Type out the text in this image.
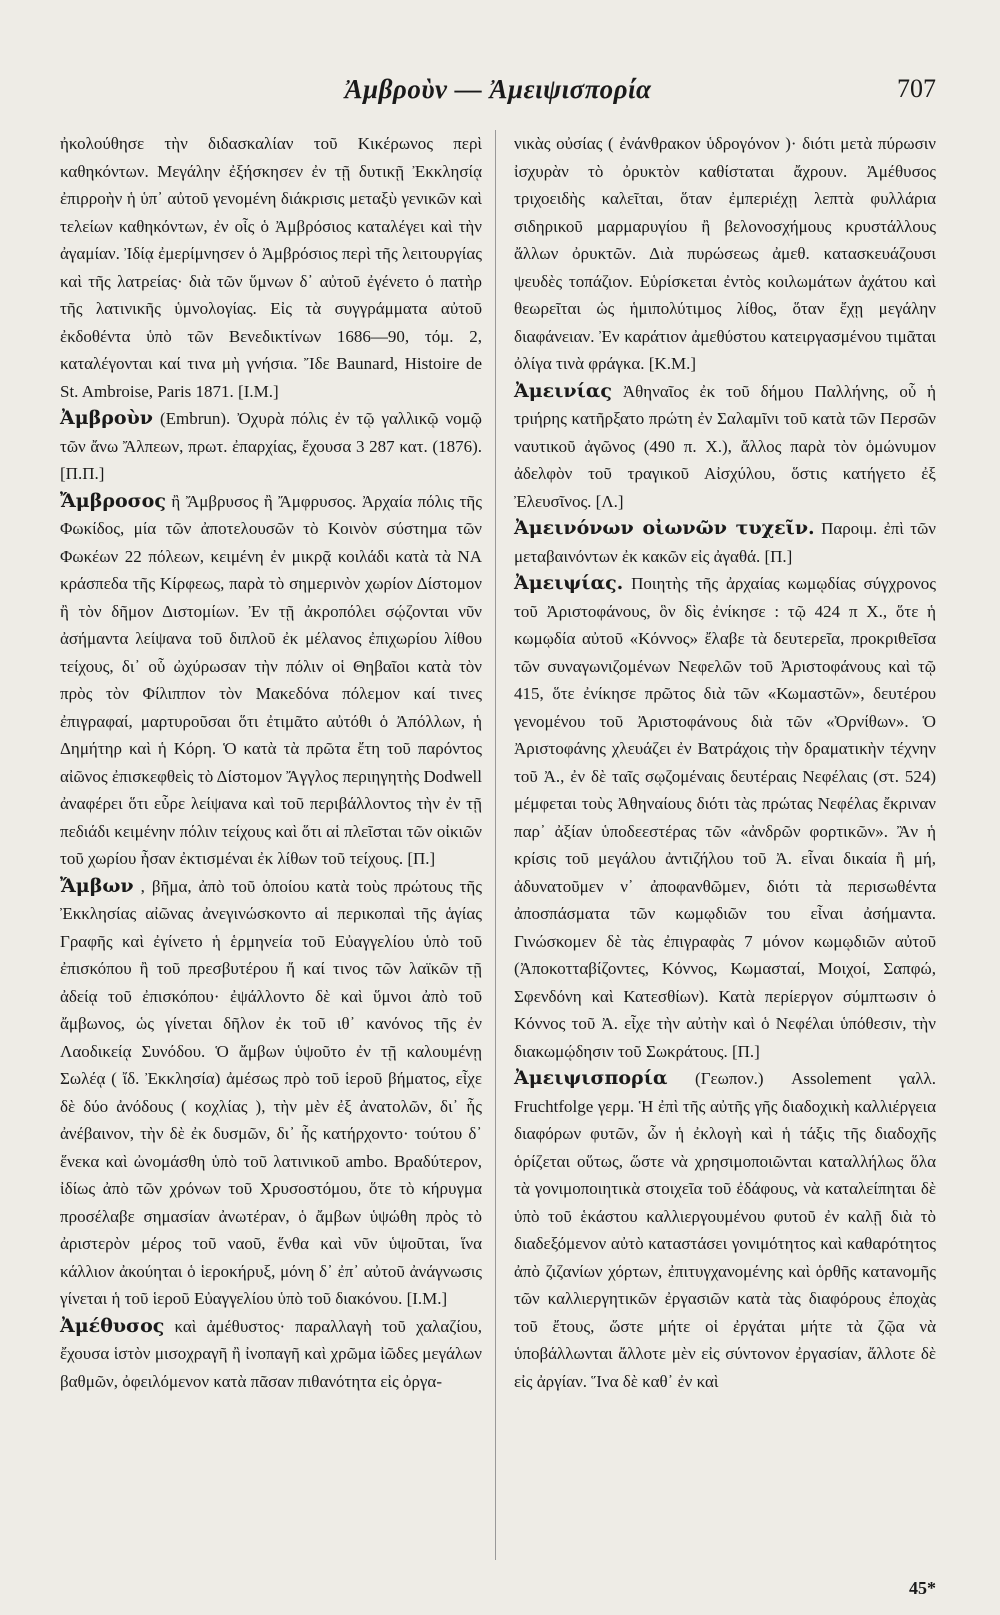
Ἀμβροὺν — Ἀμειψισπορία	707

ἠκολούθησε τὴν διδασκαλίαν τοῦ Κικέρωνος περὶ καθηκόντων. Μεγάλην ἐξήσκησεν ἐν τῇ δυτικῇ Ἐκκλησίᾳ ἐπιρροὴν ἡ ὑπ᾽ αὐτοῦ γενομένη διάκρισις μεταξὺ γενικῶν καὶ τελείων καθηκόντων, ἐν οἷς ὁ Ἀμβρόσιος καταλέγει καὶ τὴν ἀγαμίαν. Ἰδίᾳ ἐμερίμνησεν ὁ Ἀμβρόσιος περὶ τῆς λειτουργίας καὶ τῆς λατρείας· διὰ τῶν ὕμνων δ᾽ αὐτοῦ ἐγένετο ὁ πατὴρ τῆς λατινικῆς ὑμνολογίας. Εἰς τὰ συγγράμματα αὐτοῦ ἐκδοθέντα ὑπὸ τῶν Βενεδικτίνων 1686—90, τόμ. 2, καταλέγονται καί τινα μὴ γνήσια. Ἴδε Baunard, Histoire de St. Ambroise, Paris 1871. [I.M.]

Ἀμβροὺν (Embrun). Ὀχυρὰ πόλις ἐν τῷ γαλλικῷ νομῷ τῶν ἄνω Ἄλπεων, πρωτ. ἐπαρχίας, ἔχουσα 3 287 κατ. (1876). [Π.Π.]

Ἄμβροσος ἢ Ἄμβρυσος ἢ Ἄμφρυσος. Ἀρχαία πόλις τῆς Φωκίδος, μία τῶν ἀποτελουσῶν τὸ Κοινὸν σύστημα τῶν Φωκέων 22 πόλεων, κειμένη ἐν μικρᾷ κοιλάδι κατὰ τὰ ΝΑ κράσπεδα τῆς Κίρφεως, παρὰ τὸ σημερινὸν χωρίον Δίστομον ἢ τὸν δῆμον Διστομίων. Ἐν τῇ ἀκροπόλει σῴζονται νῦν ἀσήμαντα λείψανα τοῦ διπλοῦ ἐκ μέλανος ἐπιχωρίου λίθου τείχους, δι᾽ οὗ ὠχύρωσαν τὴν πόλιν οἱ Θηβαῖοι κατὰ τὸν πρὸς τὸν Φίλιππον τὸν Μακεδόνα πόλεμον καί τινες ἐπιγραφαί, μαρτυροῦσαι ὅτι ἐτιμᾶτο αὐτόθι ὁ Ἀπόλλων, ἡ Δημήτηρ καὶ ἡ Κόρη. Ὁ κατὰ τὰ πρῶτα ἔτη τοῦ παρόντος αἰῶνος ἐπισκεφθεὶς τὸ Δίστομον Ἄγγλος περιηγητὴς Dodwell ἀναφέρει ὅτι εὗρε λείψανα καὶ τοῦ περιβάλλοντος τὴν ἐν τῇ πεδιάδι κειμένην πόλιν τείχους καὶ ὅτι αἱ πλεῖσται τῶν οἰκιῶν τοῦ χωρίου ἦσαν ἐκτισμέναι ἐκ λίθων τοῦ τείχους. [Π.]

Ἄμβων , βῆμα, ἀπὸ τοῦ ὁποίου κατὰ τοὺς πρώτους τῆς Ἐκκλησίας αἰῶνας ἀνεγινώσκοντο αἱ περικοπαὶ τῆς ἁγίας Γραφῆς καὶ ἐγίνετο ἡ ἑρμηνεία τοῦ Εὐαγγελίου ὑπὸ τοῦ ἐπισκόπου ἢ τοῦ πρεσβυτέρου ἤ καί τινος τῶν λαϊκῶν τῇ ἀδείᾳ τοῦ ἐπισκόπου· ἐψάλλοντο δὲ καὶ ὕμνοι ἀπὸ τοῦ ἄμβωνος, ὡς γίνεται δῆλον ἐκ τοῦ ιθ᾽ κανόνος τῆς ἐν Λαοδικείᾳ Συνόδου. Ὁ ἄμβων ὑψοῦτο ἐν τῇ καλουμένῃ Σωλέᾳ ( ἴδ. Ἐκκλησία) ἀμέσως πρὸ τοῦ ἱεροῦ βήματος, εἶχε δὲ δύο ἀνόδους ( κοχλίας ), τὴν μὲν ἐξ ἀνατολῶν, δι᾽ ἧς ἀνέβαινον, τὴν δὲ ἐκ δυσμῶν, δι᾽ ἧς κατήρχοντο· τούτου δ᾽ ἕνεκα καὶ ὠνομάσθη ὑπὸ τοῦ λατινικοῦ ambo. Βραδύτερον, ἰδίως ἀπὸ τῶν χρόνων τοῦ Χρυσοστόμου, ὅτε τὸ κήρυγμα προσέλαβε σημασίαν ἀνωτέραν, ὁ ἄμβων ὑψώθη πρὸς τὸ ἀριστερὸν μέρος τοῦ ναοῦ, ἕνθα καὶ νῦν ὑψοῦται, ἵνα κάλλιον ἀκούηται ὁ ἱεροκήρυξ, μόνη δ᾽ ἐπ᾽ αὐτοῦ ἀνάγνωσις γίνεται ἡ τοῦ ἱεροῦ Εὐαγγελίου ὑπὸ τοῦ διακόνου. [I.M.]

Ἀμέθυσος καὶ ἀμέθυστος· παραλλαγὴ τοῦ χαλαζίου, ἔχουσα ἱστὸν μισοχραγῆ ἢ ἰνοπαγῆ καὶ χρῶμα ἰῶδες μεγάλων βαθμῶν, ὀφειλόμενον κατὰ πᾶσαν πιθανότητα εἰς ὀργα-

νικὰς οὐσίας ( ἐνάνθρακον ὑδρογόνον )· διότι μετὰ πύρωσιν ἰσχυρὰν τὸ ὀρυκτὸν καθίσταται ἄχρουν. Ἀμέθυσος τριχοειδὴς καλεῖται, ὅταν ἐμπεριέχῃ λεπτὰ φυλλάρια σιδηρικοῦ μαρμαρυγίου ἢ βελονοσχήμους κρυστάλλους ἄλλων ὀρυκτῶν. Διὰ πυρώσεως ἀμεθ. κατασκευάζουσι ψευδὲς τοπάζιον. Εὑρίσκεται ἐντὸς κοιλωμάτων ἀχάτου καὶ θεωρεῖται ὡς ἡμιπολύτιμος λίθος, ὅταν ἔχῃ μεγάλην διαφάνειαν. Ἐν καράτιον ἀμεθύστου κατειργασμένου τιμᾶται ὀλίγα τινὰ φράγκα. [Κ.Μ.]

Ἀμεινίας Ἀθηναῖος ἐκ τοῦ δήμου Παλλήνης, οὗ ἡ τριήρης κατῆρξατο πρώτη ἐν Σαλαμῖνι τοῦ κατὰ τῶν Περσῶν ναυτικοῦ ἀγῶνος (490 π. Χ.), ἄλλος παρὰ τὸν ὁμώνυμον ἀδελφὸν τοῦ τραγικοῦ Αἰσχύλου, ὅστις κατήγετο ἐξ Ἐλευσῖνος. [Λ.]

Ἀμεινόνων οἰωνῶν τυχεῖν. Παροιμ. ἐπὶ τῶν μεταβαινόντων ἐκ κακῶν εἰς ἀγαθά. [Π.]

Ἀμειψίας. Ποιητὴς τῆς ἀρχαίας κωμῳδίας σύγχρονος τοῦ Ἀριστοφάνους, ὃν δὶς ἐνίκησε : τῷ 424 π Χ., ὅτε ἡ κωμῳδία αὐτοῦ «Κόννος» ἔλαβε τὰ δευτερεῖα, προκριθεῖσα τῶν συναγωνιζομένων Νεφελῶν τοῦ Ἀριστοφάνους καὶ τῷ 415, ὅτε ἐνίκησε πρῶτος διὰ τῶν «Κωμαστῶν», δευτέρου γενομένου τοῦ Ἀριστοφάνους διὰ τῶν «Ὀρνίθων». Ὁ Ἀριστοφάνης χλευάζει ἐν Βατράχοις τὴν δραματικὴν τέχνην τοῦ Ἀ., ἐν δὲ ταῖς σῳζομέναις δευτέραις Νεφέλαις (στ. 524) μέμφεται τοὺς Ἀθηναίους διότι τὰς πρώτας Νεφέλας ἔκριναν παρ᾽ ἀξίαν ὑποδεεστέρας τῶν «ἀνδρῶν φορτικῶν». Ἂν ἡ κρίσις τοῦ μεγάλου ἀντιζήλου τοῦ Ἀ. εἶναι δικαία ἢ μή, ἀδυνατοῦμεν ν᾽ ἀποφανθῶμεν, διότι τὰ περισωθέντα ἀποσπάσματα τῶν κωμῳδιῶν του εἶναι ἀσήμαντα. Γινώσκομεν δὲ τὰς ἐπιγραφὰς 7 μόνον κωμῳδιῶν αὐτοῦ (Ἀποκοτταβίζοντες, Κόννος, Κωμασταί, Μοιχοί, Σαπφώ, Σφενδόνη καὶ Κατεσθίων). Κατὰ περίεργον σύμπτωσιν ὁ Κόννος τοῦ Ἀ. εἶχε τὴν αὐτὴν καὶ ὁ Νεφέλαι ὑπόθεσιν, τὴν διακωμῴδησιν τοῦ Σωκράτους. [Π.]

Ἀμειψισπορία (Γεωπον.) Assolement γαλλ. Fruchtfolge γερμ. Ἡ ἐπὶ τῆς αὐτῆς γῆς διαδοχικὴ καλλιέργεια διαφόρων φυτῶν, ὧν ἡ ἐκλογὴ καὶ ἡ τάξις τῆς διαδοχῆς ὁρίζεται οὕτως, ὥστε νὰ χρησιμοποιῶνται καταλλήλως ὅλα τὰ γονιμοποιητικὰ στοιχεῖα τοῦ ἐδάφους, νὰ καταλείπηται δὲ ὑπὸ τοῦ ἑκάστου καλλιεργουμένου φυτοῦ ἐν καλῇ διὰ τὸ διαδεξόμενον αὐτὸ καταστάσει γονιμότητος καὶ καθαρότητος ἀπὸ ζιζανίων χόρτων, ἐπιτυγχανομένης καὶ ὁρθῆς κατανομῆς τῶν καλλιεργητικῶν ἐργασιῶν κατὰ τὰς διαφόρους ἐποχὰς τοῦ ἔτους, ὥστε μήτε οἱ ἐργάται μήτε τὰ ζῷα νὰ ὑποβάλλωνται ἄλλοτε μὲν εἰς σύντονον ἐργασίαν, ἄλλοτε δὲ εἰς ἀργίαν. Ἵνα δὲ καθ᾽ ἐν καὶ

45*
